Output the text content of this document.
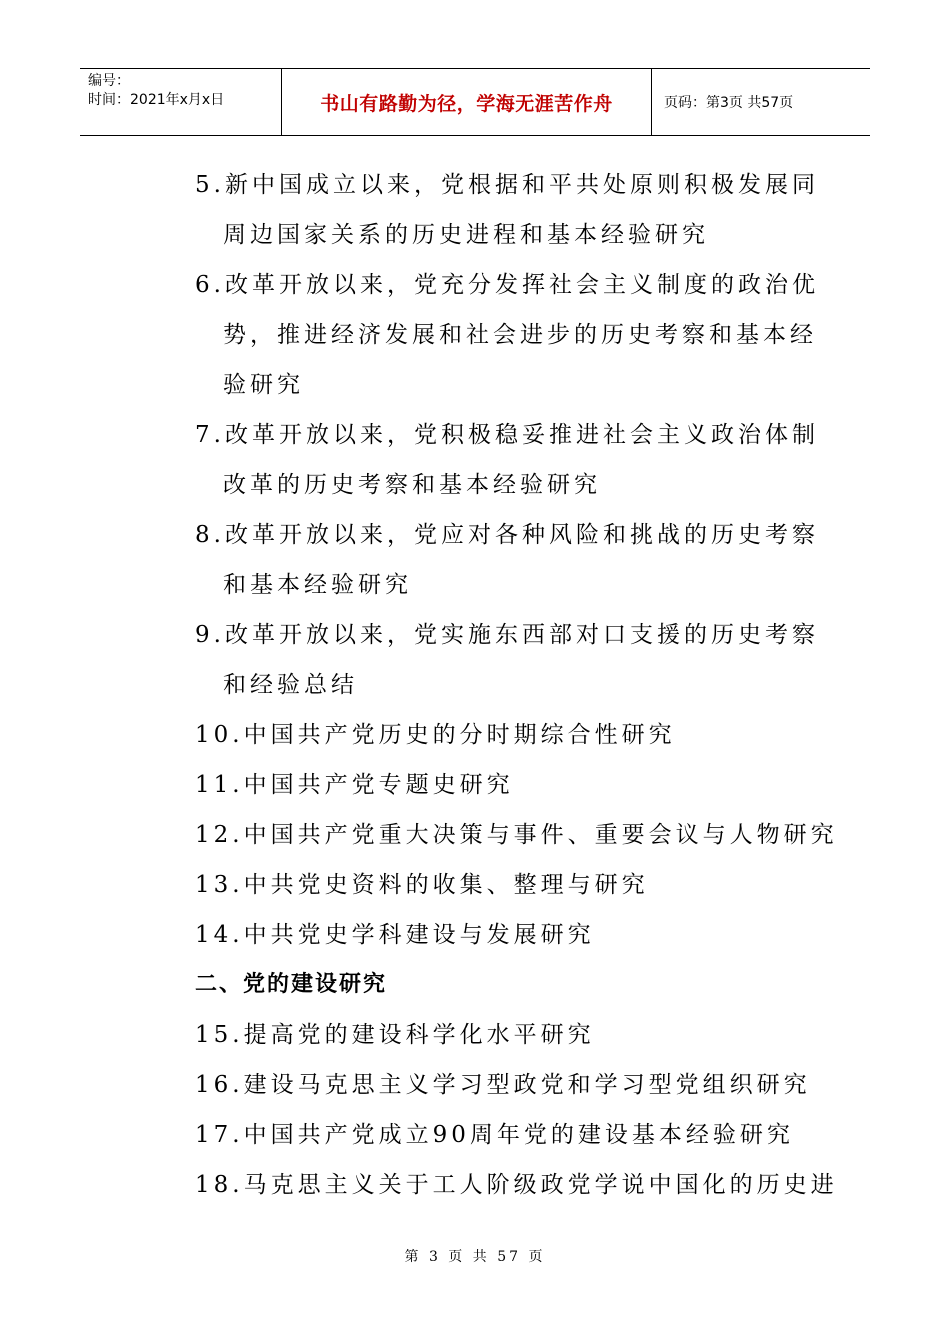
编号：
时间：2021年x月x日	书山有路勤为径，学海无涯苦作舟	页码：第3页 共57页
5.新中国成立以来，党根据和平共处原则积极发展同
周边国家关系的历史进程和基本经验研究
6.改革开放以来，党充分发挥社会主义制度的政治优
势，推进经济发展和社会进步的历史考察和基本经
验研究
7.改革开放以来，党积极稳妥推进社会主义政治体制
改革的历史考察和基本经验研究
8.改革开放以来，党应对各种风险和挑战的历史考察
和基本经验研究
9.改革开放以来，党实施东西部对口支援的历史考察
和经验总结
10.中国共产党历史的分时期综合性研究
11.中国共产党专题史研究
12.中国共产党重大决策与事件、重要会议与人物研究
13.中共党史资料的收集、整理与研究
14.中共党史学科建设与发展研究
二、党的建设研究
15.提高党的建设科学化水平研究
16.建设马克思主义学习型政党和学习型党组织研究
17.中国共产党成立90周年党的建设基本经验研究
18.马克思主义关于工人阶级政党学说中国化的历史进
第 3 页 共 57 页
